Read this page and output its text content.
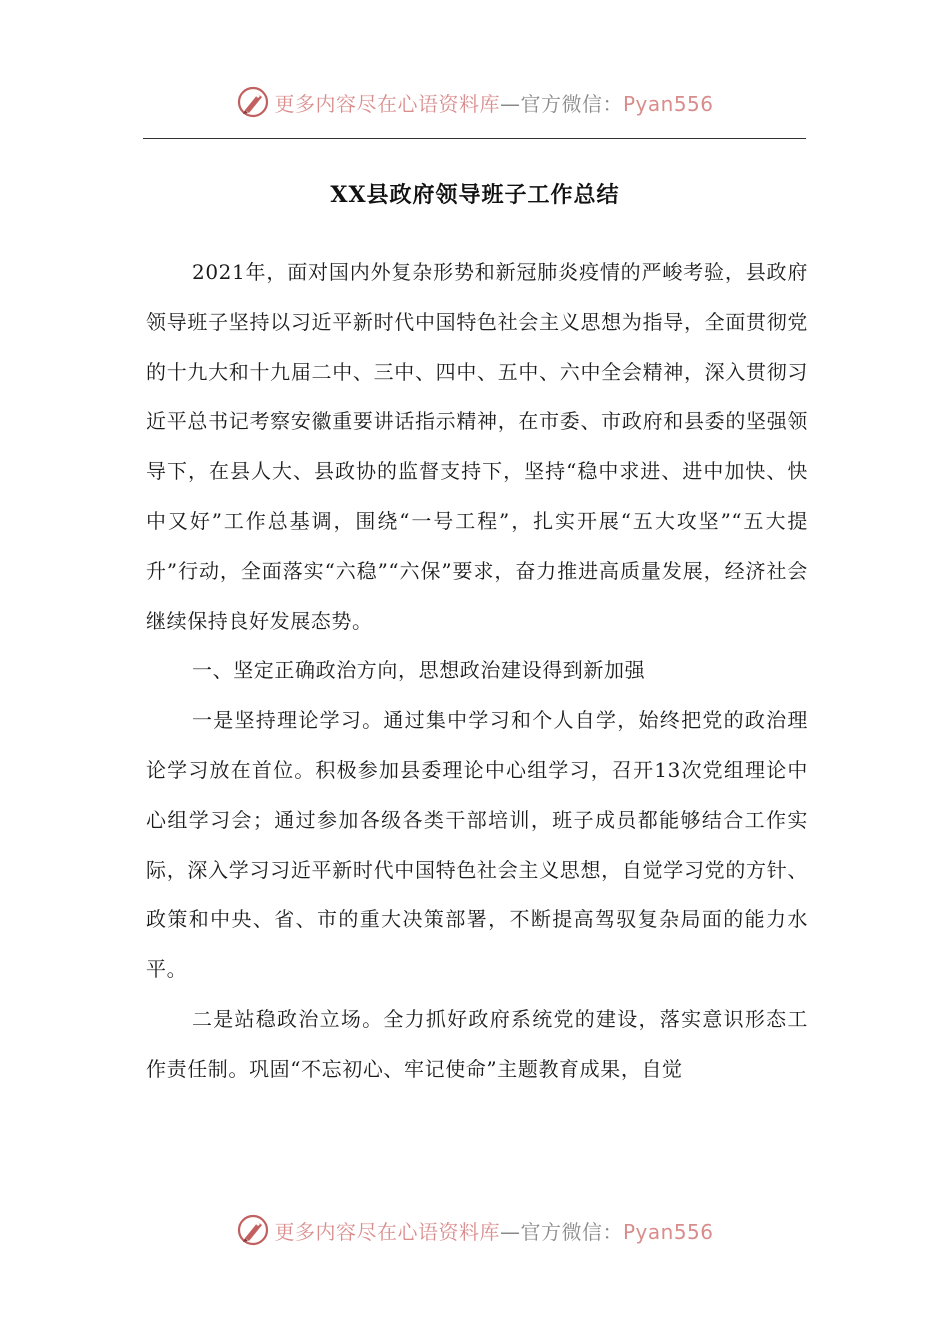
更多内容尽在心语资料库—官方微信：Pyan556
XX县政府领导班子工作总结

2021年，面对国内外复杂形势和新冠肺炎疫情的严峻考验，县政府领导班子坚持以习近平新时代中国特色社会主义思想为指导，全面贯彻党的十九大和十九届二中、三中、四中、五中、六中全会精神，深入贯彻习近平总书记考察安徽重要讲话指示精神，在市委、市政府和县委的坚强领导下，在县人大、县政协的监督支持下，坚持“稳中求进、进中加快、快中又好”工作总基调，围绕“一号工程”，扎实开展“五大攻坚”“五大提升”行动，全面落实“六稳”“六保”要求，奋力推进高质量发展，经济社会继续保持良好发展态势。

一、坚定正确政治方向，思想政治建设得到新加强

一是坚持理论学习。通过集中学习和个人自学，始终把党的政治理论学习放在首位。积极参加县委理论中心组学习，召开13次党组理论中心组学习会；通过参加各级各类干部培训，班子成员都能够结合工作实际，深入学习习近平新时代中国特色社会主义思想，自觉学习党的方针、政策和中央、省、市的重大决策部署，不断提高驾驭复杂局面的能力水平。

二是站稳政治立场。全力抓好政府系统党的建设，落实意识形态工作责任制。巩固“不忘初心、牢记使命”主题教育成果，自觉

更多内容尽在心语资料库—官方微信：Pyan556
